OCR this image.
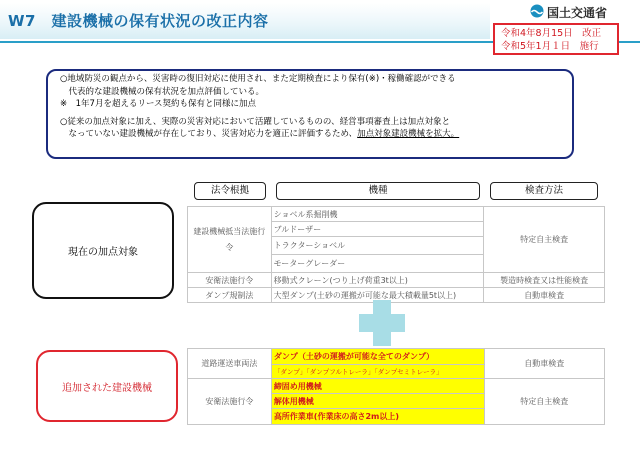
W7　建設機械の保有状況の改正内容	国土交通省
令和4年8月15日　改正
令和5年1月１日　施行
○地域防災の観点から、災害時の復旧対応に使用され、また定期検査により保有(※)・稼働確認ができる
　代表的な建設機械の保有状況を加点評価している。
※　1年7月を超えるリース契約も保有と同様に加点
○従来の加点対象に加え、実際の災害対応において活躍しているものの、経営事項審査上は加点対象と
　なっていない建設機械が存在しており、災害対応力を適正に評価するため、加点対象建設機械を拡大。
法令根拠	機種	検査方法
現在の加点対象
建設機械抵当法施行令	ショベル系掘削機	特定自主検査
	ブルドーザー	
	トラクターショベル	
	モーターグレーダー	
安衛法施行令	移動式クレーン(つり上げ荷重3t以上)	製造時検査又は性能検査
ダンプ規制法	大型ダンプ(土砂の運搬が可能な最大積載量5t以上)	自動車検査
追加された建設機械
道路運送車両法	ダンプ（土砂の運搬が可能な全てのダンプ）	自動車検査
	「ダンプ」「ダンプフルトレーラ」「ダンプセミトレーラ」	
安衛法施行令	締固め用機械	特定自主検査
	解体用機械	
	高所作業車(作業床の高さ2m以上)	
